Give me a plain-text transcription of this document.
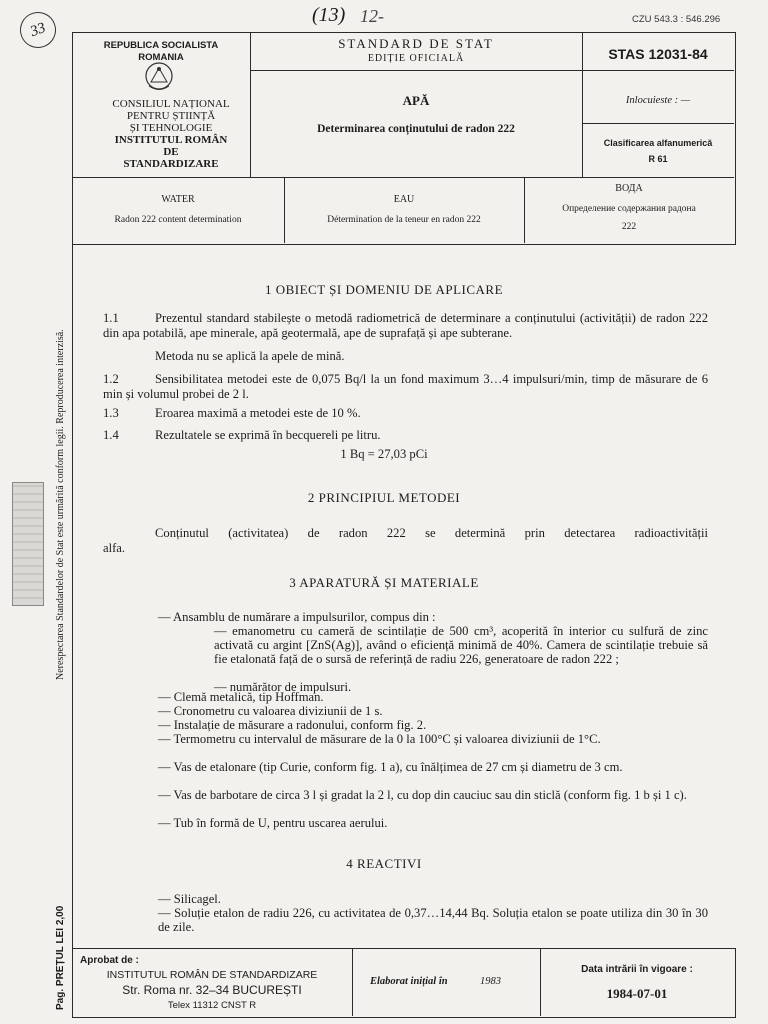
33
(13) 12-	CZU 543.3 : 546.296
REPUBLICA SOCIALISTA
ROMANIA
CONSILIUL NAȚIONAL
PENTRU ȘTIINȚĂ
ȘI TEHNOLOGIE
INSTITUTUL ROMÂN
DE
STANDARDIZARE
STANDARD DE STAT
EDIȚIE OFICIALĂ
APĂ
Determinarea conținutului de radon 222
STAS 12031-84
Inlocuieste : —
Clasificarea alfanumerică
R 61
WATER
Radon 222 content determination
EAU
Détermination de la teneur en radon 222
ВОДА
Определение содержания радона
222
Nerespectarea Standardelor de Stat este urmărită conform legii. Reproducerea interzisă.
Pag. PREȚUL LEI 2,00
1 OBIECT ȘI DOMENIU DE APLICARE
1.1	Prezentul standard stabilește o metodă radiometrică de determinare a conținutului (activității) de radon 222 din apa potabilă, ape minerale, apă geotermală, ape de suprafață și ape subterane.
Metoda nu se aplică la apele de mină.
1.2	Sensibilitatea metodei este de 0,075 Bq/l la un fond maximum 3…4 impulsuri/min, timp de măsurare de 6 min și volumul probei de 2 l.
1.3	Eroarea maximă a metodei este de 10 %.
1.4	Rezultatele se exprimă în becquereli pe litru.
1 Bq = 27,03 pCi
2 PRINCIPIUL METODEI
Conținutul (activitatea) de radon 222 se determină prin detectarea radioactivității
alfa.
3 APARATURĂ ȘI MATERIALE
— Ansamblu de numărare a impulsurilor, compus din :
— emanometru cu cameră de scintilație de 500 cm³, acoperită în interior cu sulfură de zinc activată cu argint [ZnS(Ag)], având o eficiență minimă de 40%. Camera de scintilație trebuie să fie etalonată față de o sursă de referință de radiu 226, generatoare de radon 222 ;
— numărător de impulsuri.
— Clemă metalică, tip Hoffman.
— Cronometru cu valoarea diviziunii de 1 s.
— Instalație de măsurare a radonului, conform fig. 2.
— Termometru cu intervalul de măsurare de la 0 la 100°C și valoarea diviziunii de 1°C.
— Vas de etalonare (tip Curie, conform fig. 1 a), cu înălțimea de 27 cm și diametru de 3 cm.
— Vas de barbotare de circa 3 l și gradat la 2 l, cu dop din cauciuc sau din sticlă (conform fig. 1 b și 1 c).
— Tub în formă de U, pentru uscarea aerului.
4 REACTIVI
— Silicagel.
— Soluție etalon de radiu 226, cu activitatea de 0,37…14,44 Bq. Soluția etalon se poate utiliza din 30 în 30 de zile.
Aprobat de :
INSTITUTUL ROMÂN DE STANDARDIZARE
Str. Roma nr. 32–34 BUCUREȘTI
Telex 11312 CNST R
Elaborat inițial în	1983
Data intrării în vigoare :
1984-07-01
